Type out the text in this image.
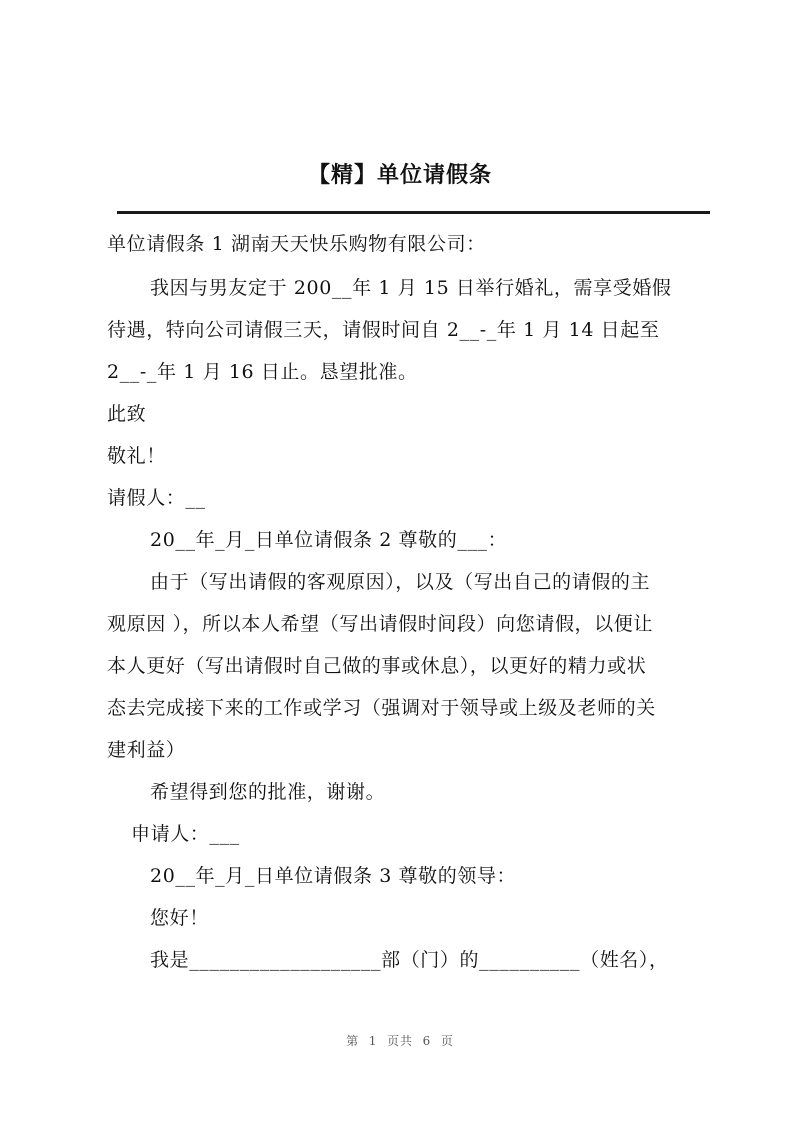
【精】单位请假条
单位请假条 1 湖南天天快乐购物有限公司：
我因与男友定于 200__年 1 月 15 日举行婚礼，需享受婚假
待遇，特向公司请假三天，请假时间自 2__-_年 1 月 14 日起至
2__-_年 1 月 16 日止。恳望批准。
此致
敬礼！
请假人：__
20__年_月_日单位请假条 2 尊敬的___：
由于（写出请假的客观原因），以及（写出自己的请假的主
观原因 ），所以本人希望（写出请假时间段）向您请假，以便让
本人更好（写出请假时自己做的事或休息），以更好的精力或状
态去完成接下来的工作或学习（强调对于领导或上级及老师的关
建利益）
希望得到您的批准，谢谢。
申请人：___
20__年_月_日单位请假条 3 尊敬的领导：
您好！
我是___________________部（门）的__________（姓名），
第  1  页共  6  页
